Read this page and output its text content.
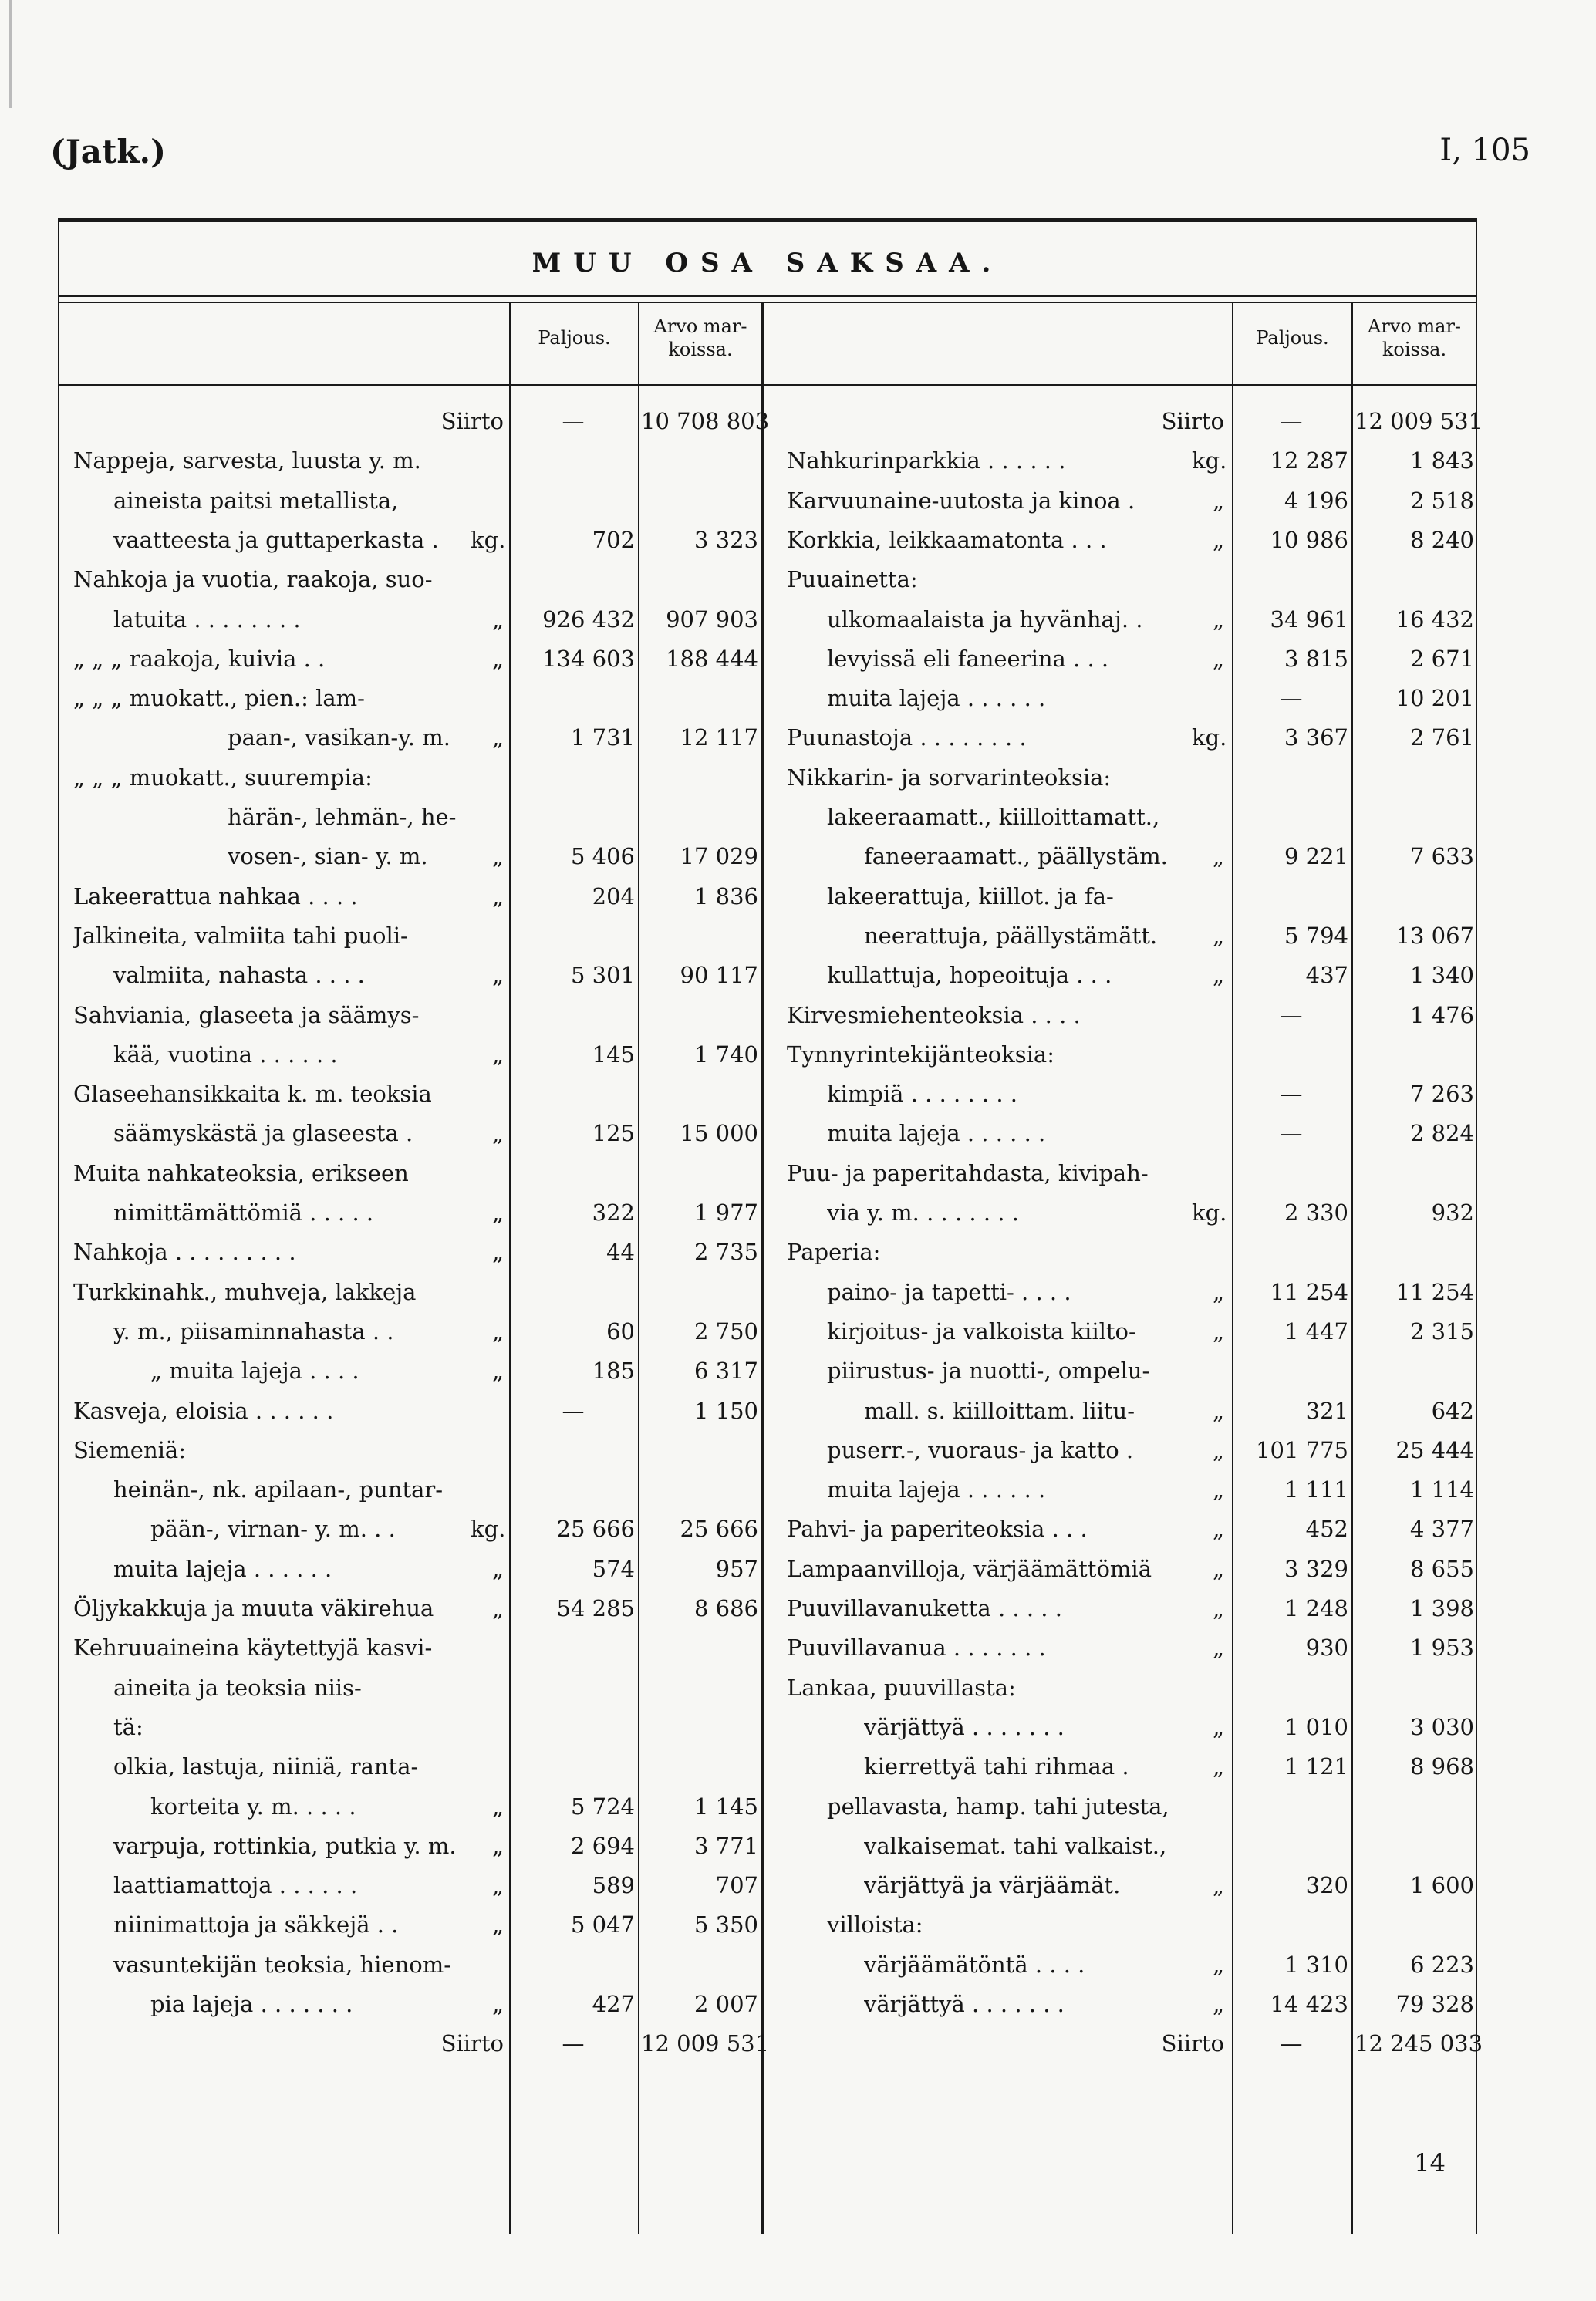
(Jatk.)	I, 105
MUU OSA SAKSAA.
Paljous.
Arvo mar-
koissa.
Paljous.
Arvo mar-
koissa.
Siirto	—	10 708 803
Nappeja, sarvesta, luusta y. m.
aineista paitsi metallista,
vaatteesta ja guttaperkasta .	kg.	702	3 323
Nahkoja ja vuotia, raakoja, suo-
latuita . . . . . . . .	„	926 432	907 903
„ „ „ raakoja, kuivia . .	„	134 603	188 444
„ „ „ muokatt., pien.: lam-
paan-, vasikan-y. m.	„	1 731	12 117
„ „ „ muokatt., suurempia:
härän-, lehmän-, he-
vosen-, sian- y. m.	„	5 406	17 029
Lakeerattua nahkaa . . . .	„	204	1 836
Jalkineita, valmiita tahi puoli-
valmiita, nahasta . . . .	„	5 301	90 117
Sahviania, glaseeta ja säämys-
kää, vuotina . . . . . .	„	145	1 740
Glaseehansikkaita k. m. teoksia
säämyskästä ja glaseesta .	„	125	15 000
Muita nahkateoksia, erikseen
nimittämättömiä . . . . .	„	322	1 977
Nahkoja . . . . . . . . .	„	44	2 735
Turkkinahk., muhveja, lakkeja
y. m., piisaminnahasta . .	„	60	2 750
„ muita lajeja . . . .	„	185	6 317
Kasveja, eloisia . . . . . .	—	1 150
Siemeniä:
heinän-, nk. apilaan-, puntar-
pään-, virnan- y. m. . .	kg.	25 666	25 666
muita lajeja . . . . . .	„	574	957
Öljykakkuja ja muuta väkirehua	„	54 285	8 686
Kehruuaineina käytettyjä kasvi-
aineita ja teoksia niis-
tä:
olkia, lastuja, niiniä, ranta-
korteita y. m. . . . .	„	5 724	1 145
varpuja, rottinkia, putkia y. m.	„	2 694	3 771
laattiamattoja . . . . . .	„	589	707
niinimattoja ja säkkejä . .	„	5 047	5 350
vasuntekijän teoksia, hienom-
pia lajeja . . . . . . .	„	427	2 007
Siirto	—	12 009 531
Siirto	—	12 009 531
Nahkurinparkkia . . . . . .	kg.	12 287	1 843
Karvuunaine-uutosta ja kinoa .	„	4 196	2 518
Korkkia, leikkaamatonta . . .	„	10 986	8 240
Puuainetta:
ulkomaalaista ja hyvänhaj. .	„	34 961	16 432
levyissä eli faneerina . . .	„	3 815	2 671
muita lajeja . . . . . .	—	10 201
Puunastoja . . . . . . . .	kg.	3 367	2 761
Nikkarin- ja sorvarinteoksia:
lakeeraamatt., kiilloittamatt.,
faneeraamatt., päällystäm.	„	9 221	7 633
lakeerattuja, kiillot. ja fa-
neerattuja, päällystämätt.	„	5 794	13 067
kullattuja, hopeoituja . . .	„	437	1 340
Kirvesmiehenteoksia . . . .	—	1 476
Tynnyrintekijänteoksia:
kimpiä . . . . . . . .	—	7 263
muita lajeja . . . . . .	—	2 824
Puu- ja paperitahdasta, kivipah-
via y. m. . . . . . . .	kg.	2 330	932
Paperia:
paino- ja tapetti- . . . .	„	11 254	11 254
kirjoitus- ja valkoista kiilto-	„	1 447	2 315
piirustus- ja nuotti-, ompelu-
mall. s. kiilloittam. liitu-	„	321	642
puserr.-, vuoraus- ja katto .	„	101 775	25 444
muita lajeja . . . . . .	„	1 111	1 114
Pahvi- ja paperiteoksia . . .	„	452	4 377
Lampaanvilloja, värjäämättömiä	„	3 329	8 655
Puuvillavanuketta . . . . .	„	1 248	1 398
Puuvillavanua . . . . . . .	„	930	1 953
Lankaa, puuvillasta:
värjättyä . . . . . . .	„	1 010	3 030
kierrettyä tahi rihmaa .	„	1 121	8 968
pellavasta, hamp. tahi jutesta,
valkaisemat. tahi valkaist.,
värjättyä ja värjäämät.	„	320	1 600
villoista:
värjäämätöntä . . . .	„	1 310	6 223
värjättyä . . . . . . .	„	14 423	79 328
Siirto	—	12 245 033
14
